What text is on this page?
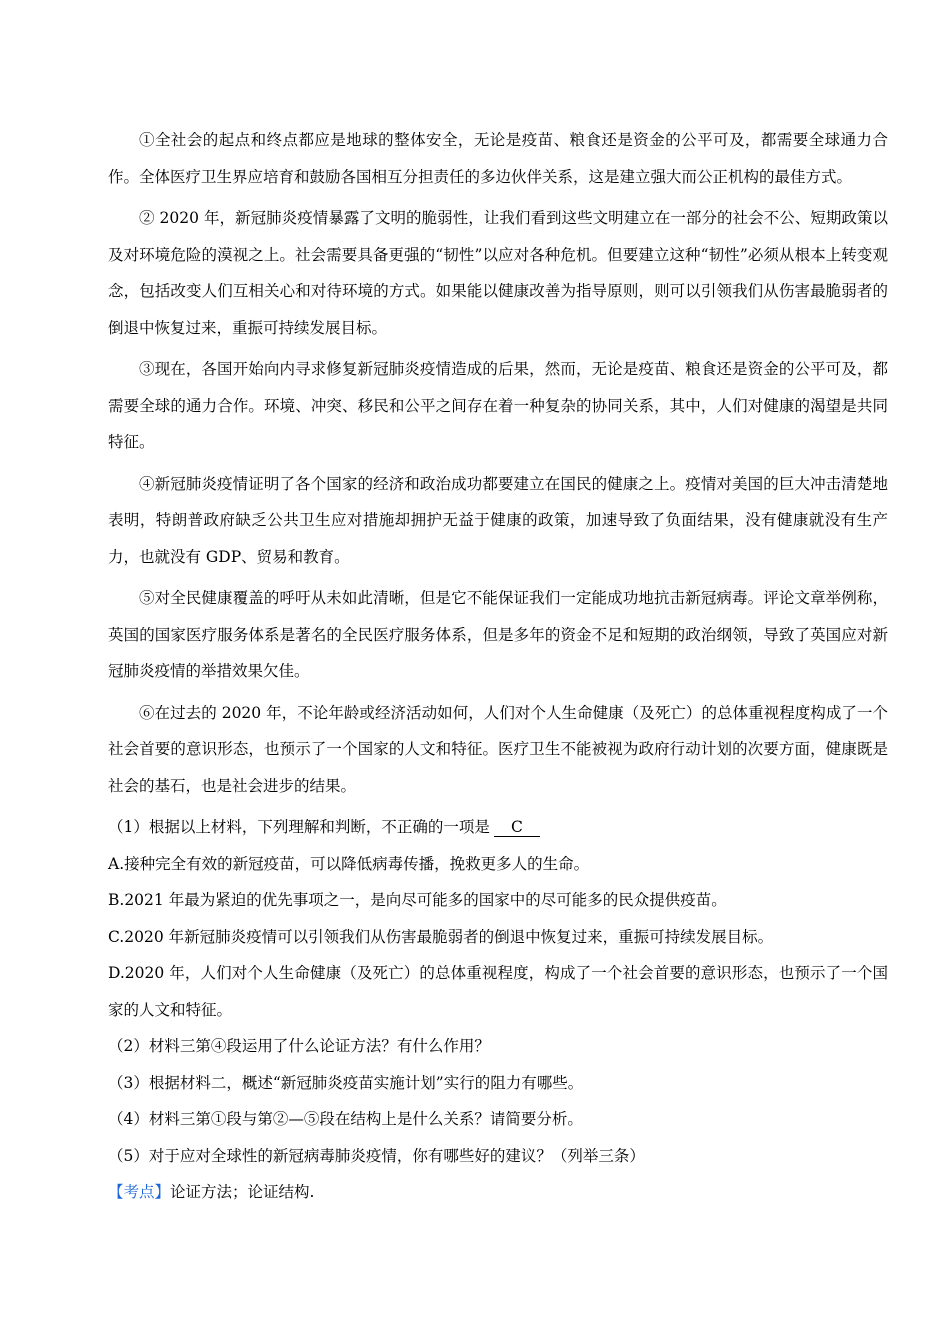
①全社会的起点和终点都应是地球的整体安全，无论是疫苗、粮食还是资金的公平可及，都需要全球通力合作。全体医疗卫生界应培育和鼓励各国相互分担责任的多边伙伴关系，这是建立强大而公正机构的最佳方式。

② 2020 年，新冠肺炎疫情暴露了文明的脆弱性，让我们看到这些文明建立在一部分的社会不公、短期政策以及对环境危险的漠视之上。社会需要具备更强的“韧性”以应对各种危机。但要建立这种“韧性”必须从根本上转变观念，包括改变人们互相关心和对待环境的方式。如果能以健康改善为指导原则，则可以引领我们从伤害最脆弱者的倒退中恢复过来，重振可持续发展目标。

③现在，各国开始向内寻求修复新冠肺炎疫情造成的后果，然而，无论是疫苗、粮食还是资金的公平可及，都需要全球的通力合作。环境、冲突、移民和公平之间存在着一种复杂的协同关系，其中，人们对健康的渴望是共同特征。

④新冠肺炎疫情证明了各个国家的经济和政治成功都要建立在国民的健康之上。疫情对美国的巨大冲击清楚地表明，特朗普政府缺乏公共卫生应对措施却拥护无益于健康的政策，加速导致了负面结果，没有健康就没有生产力，也就没有 GDP、贸易和教育。

⑤对全民健康覆盖的呼吁从未如此清晰，但是它不能保证我们一定能成功地抗击新冠病毒。评论文章举例称，英国的国家医疗服务体系是著名的全民医疗服务体系，但是多年的资金不足和短期的政治纲领，导致了英国应对新冠肺炎疫情的举措效果欠佳。

⑥在过去的 2020 年，不论年龄或经济活动如何，人们对个人生命健康（及死亡）的总体重视程度构成了一个社会首要的意识形态，也预示了一个国家的人文和特征。医疗卫生不能被视为政府行动计划的次要方面，健康既是社会的基石，也是社会进步的结果。

（1）根据以上材料，下列理解和判断，不正确的一项是 C

A.接种完全有效的新冠疫苗，可以降低病毒传播，挽救更多人的生命。

B.2021 年最为紧迫的优先事项之一，是向尽可能多的国家中的尽可能多的民众提供疫苗。

C.2020 年新冠肺炎疫情可以引领我们从伤害最脆弱者的倒退中恢复过来，重振可持续发展目标。

D.2020 年，人们对个人生命健康（及死亡）的总体重视程度，构成了一个社会首要的意识形态，也预示了一个国家的人文和特征。

（2）材料三第④段运用了什么论证方法？有什么作用？

（3）根据材料二，概述“新冠肺炎疫苗实施计划”实行的阻力有哪些。

（4）材料三第①段与第②—⑤段在结构上是什么关系？请简要分析。

（5）对于应对全球性的新冠病毒肺炎疫情，你有哪些好的建议？（列举三条）

【考点】论证方法；论证结构.
